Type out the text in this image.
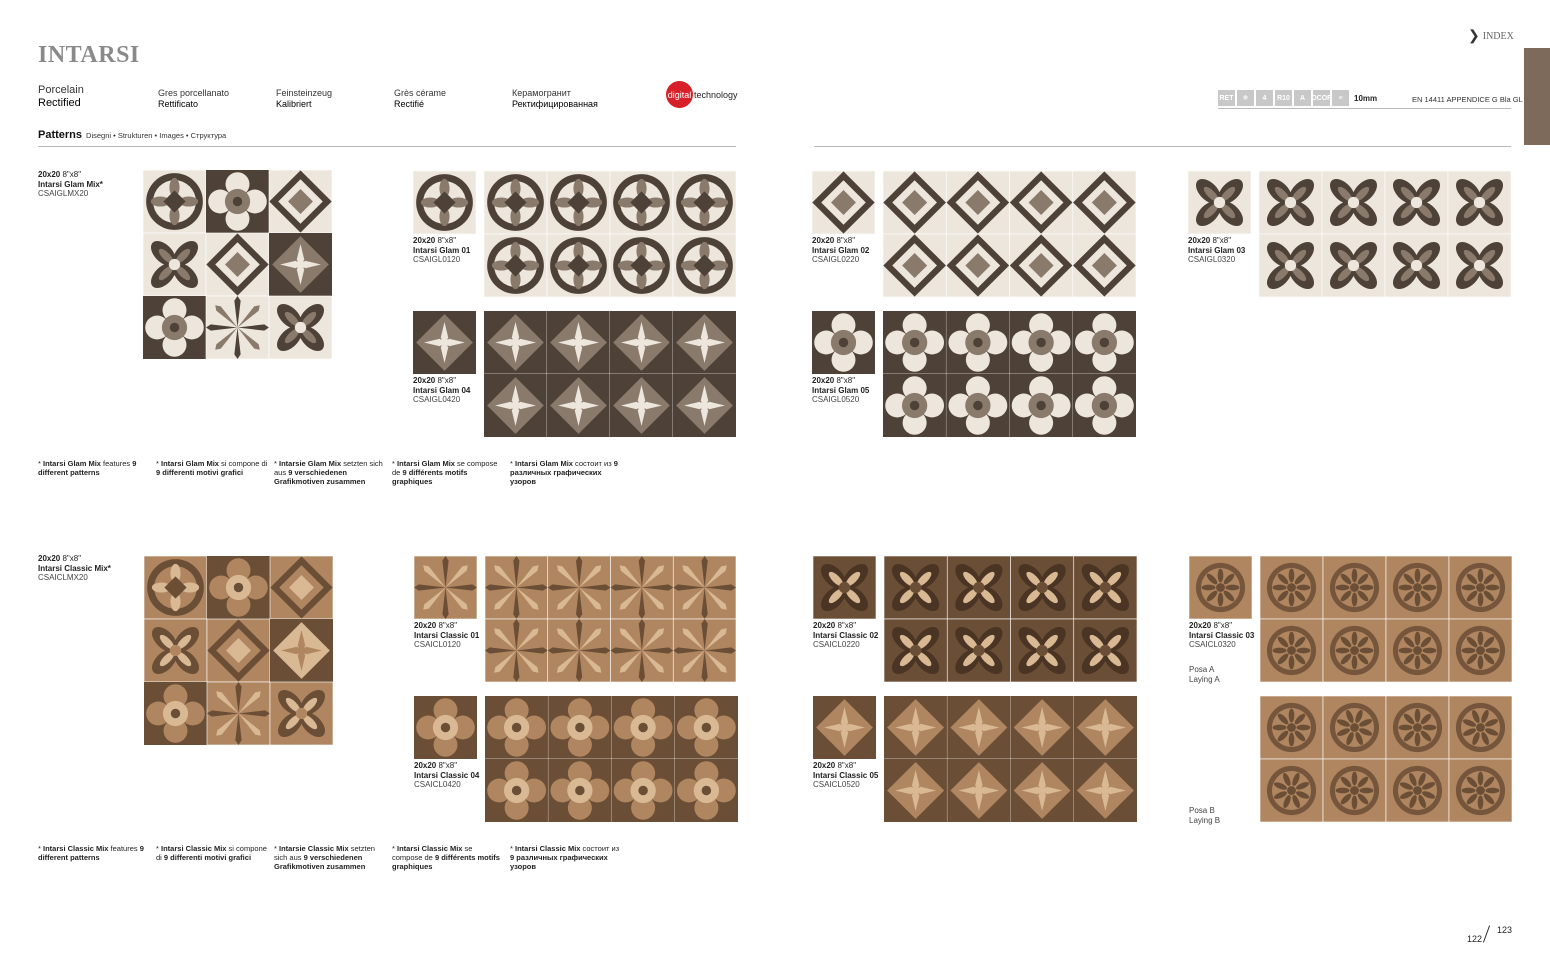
INTARSI
Porcelain
Rectified
Gres porcellanato
Rettificato
Feinsteinzeug
Kalibriert
Grès cérame
Rectifié
Керамогранит
Ректифицированная
digital technology
Patterns Disegni • Strukturen • Images • Структура
❯ INDEX
RET	❄	4	R10	A DCOF	≡	10mm	EN 14411 APPENDICE G Bla GL
20x20 8"x8"
Intarsi Glam Mix*
CSAIGLMX20
20x20 8"x8"
Intarsi Glam 01
CSAIGL0120
20x20 8"x8"
Intarsi Glam 04
CSAIGL0420
20x20 8"x8"
Intarsi Glam 02
CSAIGL0220
20x20 8"x8"
Intarsi Glam 05
CSAIGL0520
20x20 8"x8"
Intarsi Glam 03
CSAIGL0320
* Intarsi Glam Mix features 9 different patterns
* Intarsi Glam Mix si compone di 9 differenti motivi grafici
* Intarsie Glam Mix setzten sich aus 9 verschiedenen Grafikmotiven zusammen
* Intarsi Glam Mix se compose de 9 différents motifs graphiques
* Intarsi Glam Mix состоит из 9 различных графических узоров
20x20 8"x8"
Intarsi Classic Mix*
CSAICLMX20
20x20 8"x8"
Intarsi Classic 01
CSAICL0120
20x20 8"x8"
Intarsi Classic 04
CSAICL0420
20x20 8"x8"
Intarsi Classic 02
CSAICL0220
20x20 8"x8"
Intarsi Classic 05
CSAICL0520
20x20 8"x8"
Intarsi Classic 03
CSAICL0320
Posa A
Laying A
Posa B
Laying B
* Intarsi Classic Mix features 9 different patterns
* Intarsi Classic Mix si compone di 9 differenti motivi grafici
* Intarsie Classic Mix setzten sich aus 9 verschiedenen Grafikmotiven zusammen
* Intarsi Classic Mix se compose de 9 différents motifs graphiques
* Intarsi Classic Mix состоит из 9 различных графических узоров
122
123
